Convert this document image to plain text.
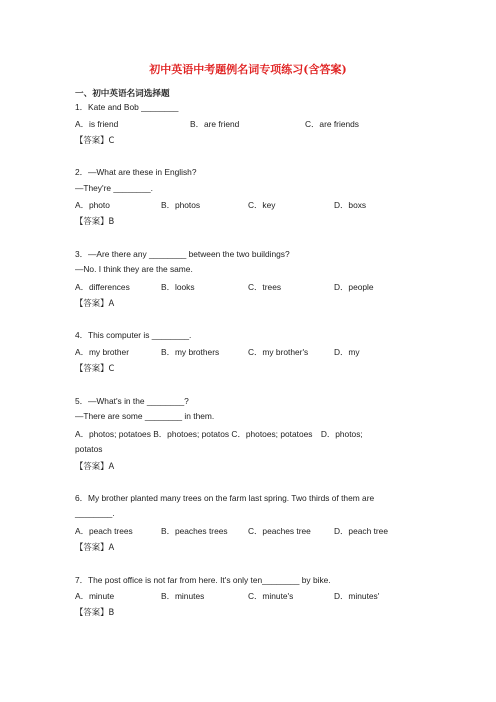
初中英语中考题例名词专项练习(含答案)
一、初中英语名词选择题
1．Kate and Bob ________
A．is friend	B．are friend	C．are friends
【答案】C
2．—What are these in English?
—They're ________.
A．photo	B．photos	C．key	D．boxs
【答案】B
3．—Are there any ________ between the two buildings?
—No. I think they are the same.
A．differences	B．looks	C．trees	D．people
【答案】A
4．This computer is ________.
A．my brother	B．my brothers	C．my brother's	D．my
【答案】C
5．—What's in the ________?
—There are some ________ in them.
A．photos; potatoes B．photoes; potatos C．photoes; potatoes　D．photos;
potatos
【答案】A
6．My brother planted many trees on the farm last spring. Two thirds of them are
________.
A．peach trees	B．peaches trees C．peaches tree	D．peach tree
【答案】A
7．The post office is not far from here. It's only ten________ by bike.
A．minute	B．minutes	C．minute's	D．minutes'
【答案】B
